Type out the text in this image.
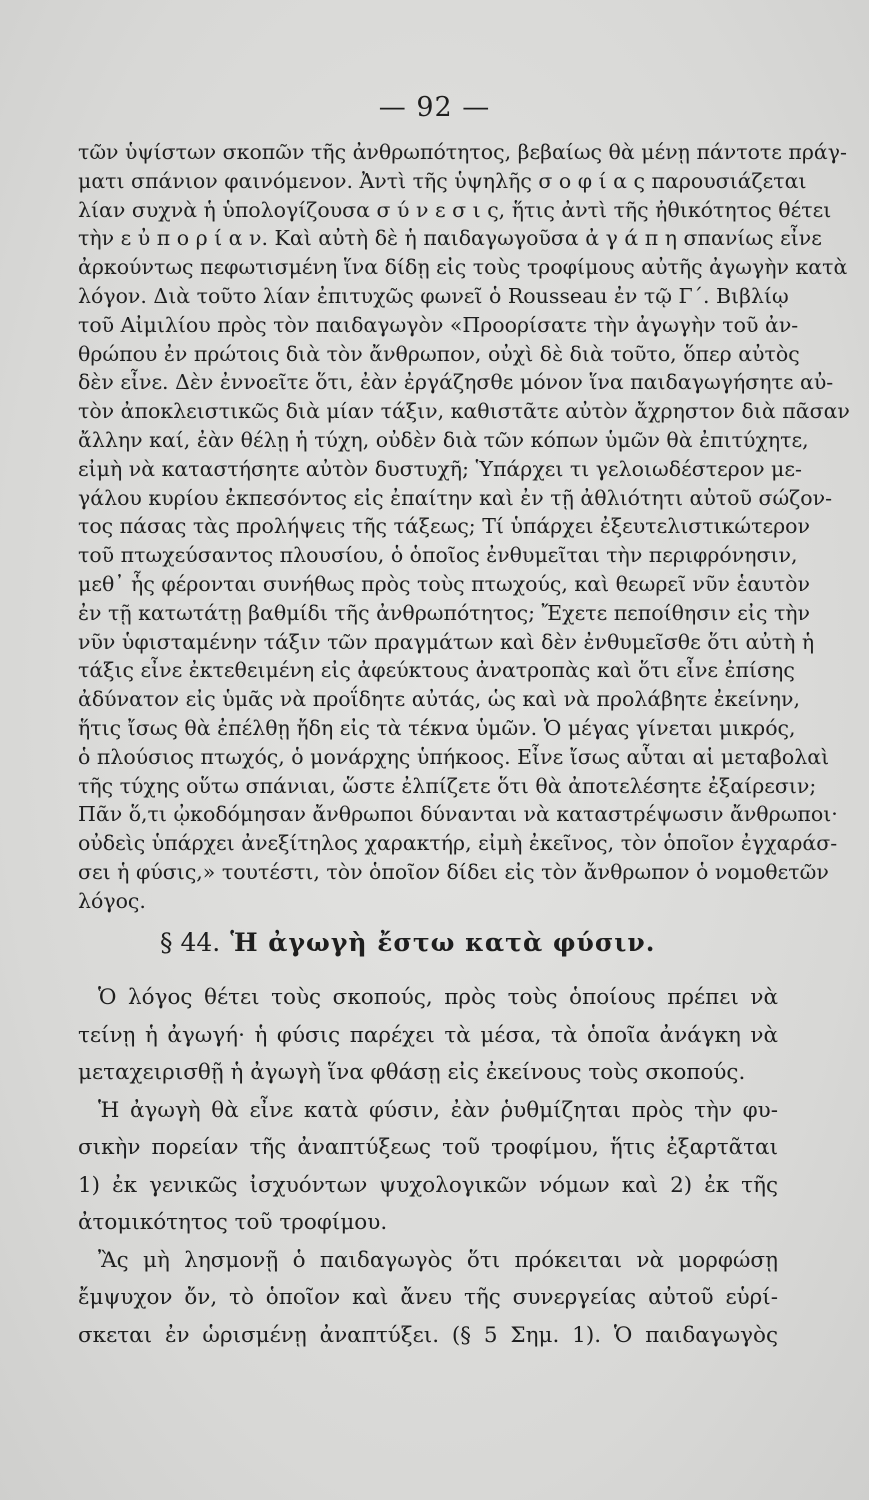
— 92 —
τῶν ὑψίστων σκοπῶν τῆς ἀνθρωπότητος, βεβαίως θὰ μένῃ πάντοτε πράγ-
ματι σπάνιον φαινόμενον. Ἀντὶ τῆς ὑψηλῆς σ ο φ ί α ς παρουσιάζεται
λίαν συχνὰ ἡ ὑπολογίζουσα σ ύ ν ε σ ι ς, ἥτις ἀντὶ τῆς ἠθικότητος θέτει
τὴν ε ὐ π ο ρ ί α ν. Καὶ αὐτὴ δὲ ἡ παιδαγωγοῦσα ἀ γ ά π η σπανίως εἶνε
ἀρκούντως πεφωτισμένη ἵνα δίδῃ εἰς τοὺς τροφίμους αὐτῆς ἀγωγὴν κατὰ
λόγον. Διὰ τοῦτο λίαν ἐπιτυχῶς φωνεῖ ὁ Rousseau ἐν τῷ Γ΄. Βιβλίῳ
τοῦ Αἰμιλίου πρὸς τὸν παιδαγωγὸν «Προορίσατε τὴν ἀγωγὴν τοῦ ἀν-
θρώπου ἐν πρώτοις διὰ τὸν ἄνθρωπον, οὐχὶ δὲ διὰ τοῦτο, ὅπερ αὐτὸς
δὲν εἶνε. Δὲν ἐννοεῖτε ὅτι, ἐὰν ἐργάζησθε μόνον ἵνα παιδαγωγήσητε αὐ-
τὸν ἀποκλειστικῶς διὰ μίαν τάξιν, καθιστᾶτε αὐτὸν ἄχρηστον διὰ πᾶσαν
ἄλλην καί, ἐὰν θέλῃ ἡ τύχη, οὐδὲν διὰ τῶν κόπων ὑμῶν θὰ ἐπιτύχητε,
εἰμὴ νὰ καταστήσητε αὐτὸν δυστυχῆ; Ὑπάρχει τι γελοιωδέστερον με-
γάλου κυρίου ἐκπεσόντος εἰς ἐπαίτην καὶ ἐν τῇ ἀθλιότητι αὐτοῦ σώζον-
τος πάσας τὰς προλήψεις τῆς τάξεως; Τί ὑπάρχει ἐξευτελιστικώτερον
τοῦ πτωχεύσαντος πλουσίου, ὁ ὁποῖος ἐνθυμεῖται τὴν περιφρόνησιν,
μεθ᾿ ἧς φέρονται συνήθως πρὸς τοὺς πτωχούς, καὶ θεωρεῖ νῦν ἑαυτὸν
ἐν τῇ κατωτάτῃ βαθμίδι τῆς ἀνθρωπότητος; Ἔχετε πεποίθησιν εἰς τὴν
νῦν ὑφισταμένην τάξιν τῶν πραγμάτων καὶ δὲν ἐνθυμεῖσθε ὅτι αὐτὴ ἡ
τάξις εἶνε ἐκτεθειμένη εἰς ἀφεύκτους ἀνατροπὰς καὶ ὅτι εἶνε ἐπίσης
ἀδύνατον εἰς ὑμᾶς νὰ προΐδητε αὐτάς, ὡς καὶ νὰ προλάβητε ἐκείνην,
ἥτις ἴσως θὰ ἐπέλθῃ ἤδη εἰς τὰ τέκνα ὑμῶν. Ὁ μέγας γίνεται μικρός,
ὁ πλούσιος πτωχός, ὁ μονάρχης ὑπήκοος. Εἶνε ἴσως αὗται αἱ μεταβολαὶ
τῆς τύχης οὕτω σπάνιαι, ὥστε ἐλπίζετε ὅτι θὰ ἀποτελέσητε ἐξαίρεσιν;
Πᾶν ὅ,τι ᾠκοδόμησαν ἄνθρωποι δύνανται νὰ καταστρέψωσιν ἄνθρωποι·
οὐδεὶς ὑπάρχει ἀνεξίτηλος χαρακτήρ, εἰμὴ ἐκεῖνος, τὸν ὁποῖον ἐγχαράσ-
σει ἡ φύσις,» τουτέστι, τὸν ὁποῖον δίδει εἰς τὸν ἄνθρωπον ὁ νομοθετῶν
λόγος.
§ 44. Ἡ ἀγωγὴ ἔστω κατὰ φύσιν.
Ὁ λόγος θέτει τοὺς σκοπούς, πρὸς τοὺς ὁποίους πρέπει νὰ
τείνῃ ἡ ἀγωγή· ἡ φύσις παρέχει τὰ μέσα, τὰ ὁποῖα ἀνάγκη νὰ
μεταχειρισθῇ ἡ ἀγωγὴ ἵνα φθάσῃ εἰς ἐκείνους τοὺς σκοπούς.
Ἡ ἀγωγὴ θὰ εἶνε κατὰ φύσιν, ἐὰν ῥυθμίζηται πρὸς τὴν φυ-
σικὴν πορείαν τῆς ἀναπτύξεως τοῦ τροφίμου, ἥτις ἐξαρτᾶται
1) ἐκ γενικῶς ἰσχυόντων ψυχολογικῶν νόμων καὶ 2) ἐκ τῆς
ἀτομικότητος τοῦ τροφίμου.
Ἂς μὴ λησμονῇ ὁ παιδαγωγὸς ὅτι πρόκειται νὰ μορφώσῃ
ἔμψυχον ὄν, τὸ ὁποῖον καὶ ἄνευ τῆς συνεργείας αὐτοῦ εὑρί-
σκεται ἐν ὡρισμένῃ ἀναπτύξει. (§ 5 Σημ. 1). Ὁ παιδαγωγὸς
